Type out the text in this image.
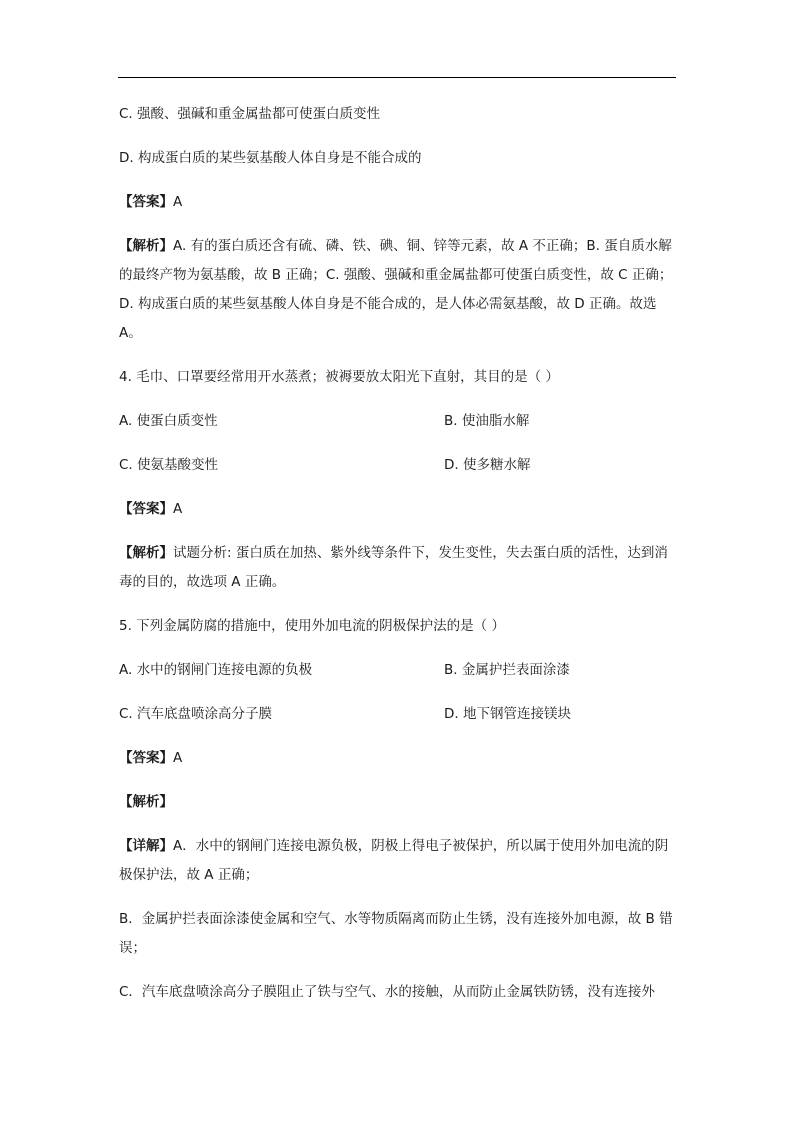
C. 强酸、强碱和重金属盐都可使蛋白质变性

D. 构成蛋白质的某些氨基酸人体自身是不能合成的

【答案】A

【解析】A. 有的蛋白质还含有硫、磷、铁、碘、铜、锌等元素，故 A 不正确；B. 蛋自质水解的最终产物为氨基酸，故 B 正确；C. 强酸、强碱和重金属盐都可使蛋白质变性，故 C 正确；D. 构成蛋白质的某些氨基酸人体自身是不能合成的，是人体必需氨基酸，故 D 正确。故选 A。

4. 毛巾、口罩要经常用开水蒸煮；被褥要放太阳光下直射，其目的是（ ）

A. 使蛋白质变性	B. 使油脂水解
C. 使氨基酸变性	D. 使多糖水解

【答案】A

【解析】试题分析: 蛋白质在加热、紫外线等条件下，发生变性，失去蛋白质的活性，达到消毒的目的，故选项 A 正确。

5. 下列金属防腐的措施中，使用外加电流的阴极保护法的是（ ）

A. 水中的钢闸门连接电源的负极	B. 金属护拦表面涂漆
C. 汽车底盘喷涂高分子膜	D. 地下钢管连接镁块

【答案】A

【解析】

【详解】A．水中的钢闸门连接电源负极，阴极上得电子被保护，所以属于使用外加电流的阴极保护法，故 A 正确；

B．金属护拦表面涂漆使金属和空气、水等物质隔离而防止生锈，没有连接外加电源，故 B 错误；

C．汽车底盘喷涂高分子膜阻止了铁与空气、水的接触，从而防止金属铁防锈，没有连接外
